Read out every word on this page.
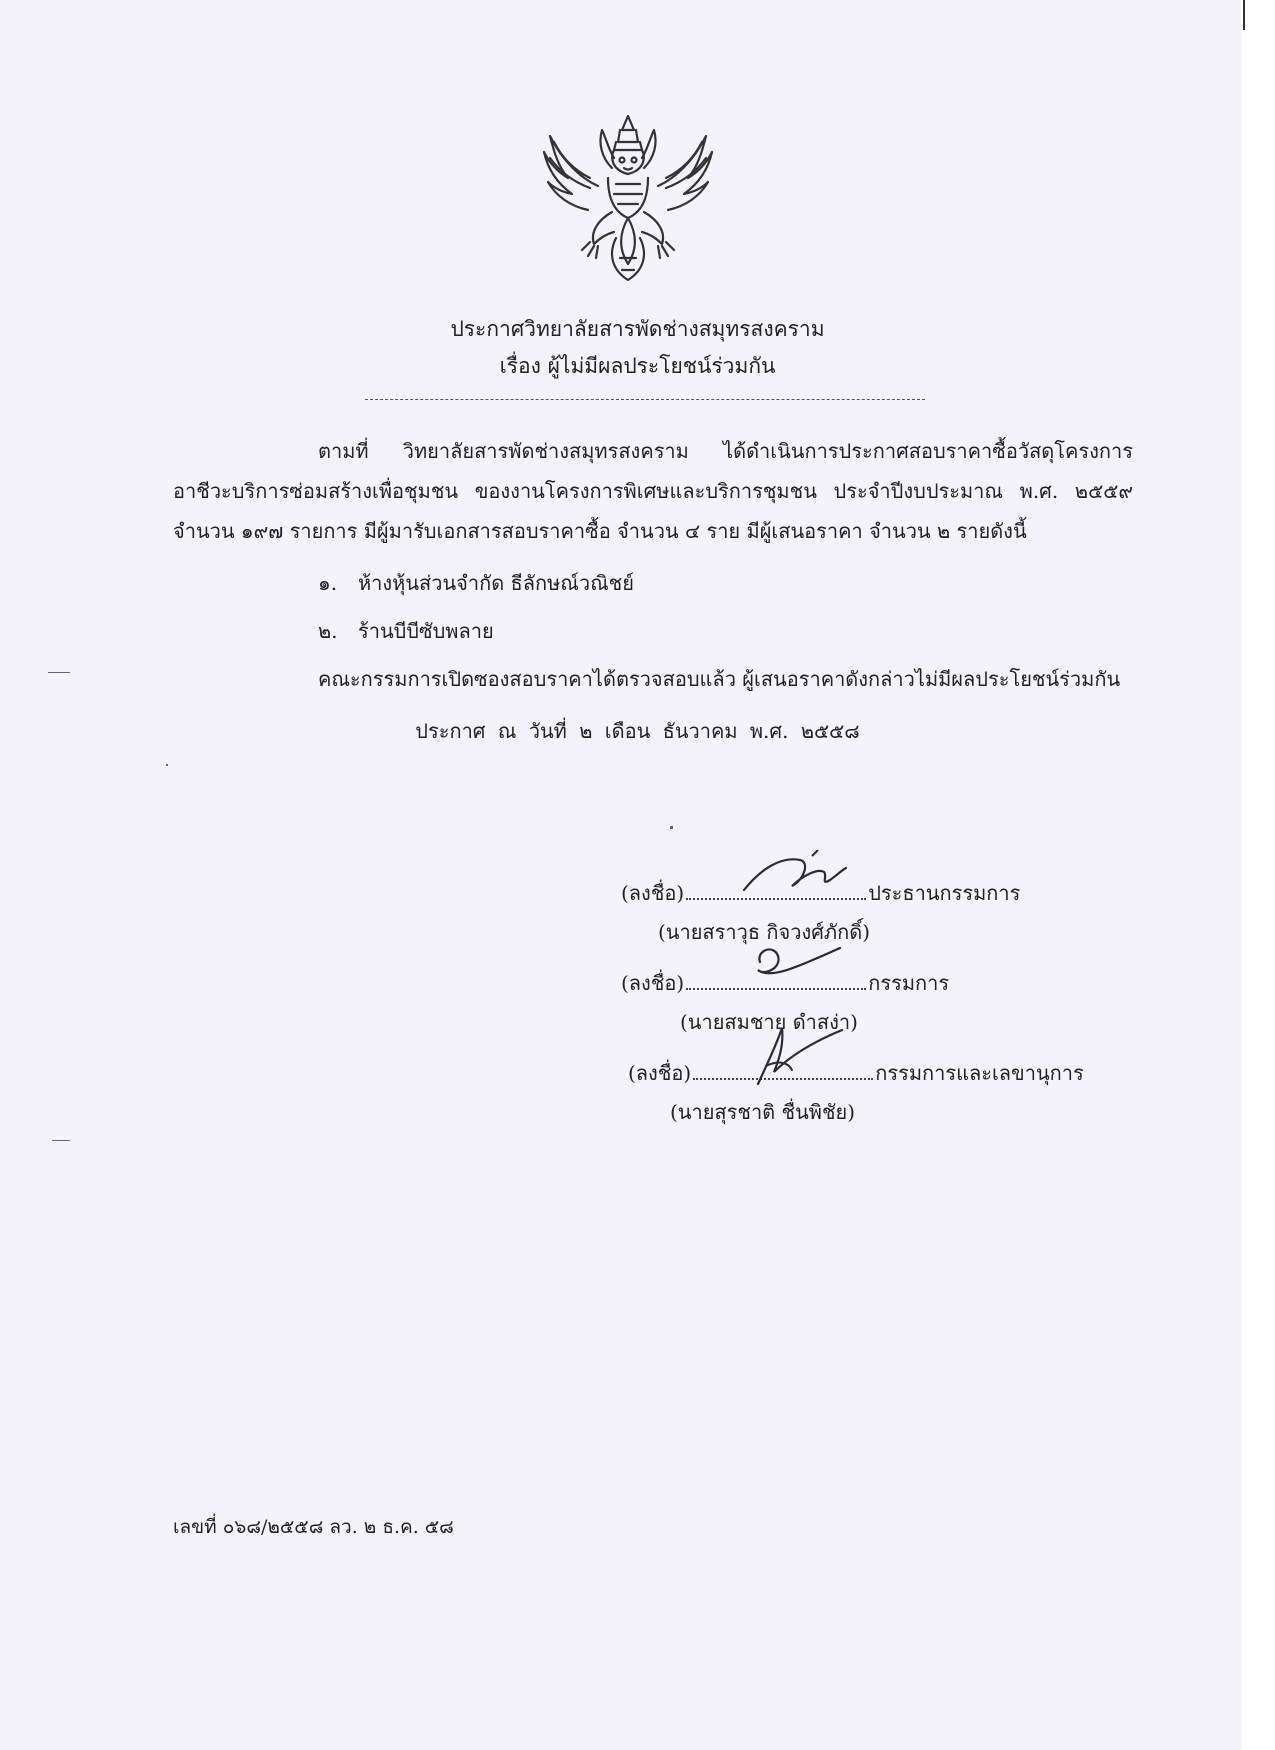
ประกาศวิทยาลัยสารพัดช่างสมุทรสงคราม
เรื่อง ผู้ไม่มีผลประโยชน์ร่วมกัน
ตามที่ วิทยาลัยสารพัดช่างสมุทรสงคราม ได้ดำเนินการประกาศสอบราคาซื้อวัสดุโครงการ
อาชีวะบริการซ่อมสร้างเพื่อชุมชน ของงานโครงการพิเศษและบริการชุมชน ประจำปีงบประมาณ พ.ศ. ๒๕๕๙
จำนวน ๑๙๗ รายการ มีผู้มารับเอกสารสอบราคาซื้อ จำนวน ๔ ราย มีผู้เสนอราคา จำนวน ๒ รายดังนี้
๑. ห้างหุ้นส่วนจำกัด ธีลักษณ์วณิชย์
๒. ร้านบีบีซับพลาย
คณะกรรมการเปิดซองสอบราคาได้ตรวจสอบแล้ว ผู้เสนอราคาดังกล่าวไม่มีผลประโยชน์ร่วมกัน
ประกาศ ณ วันที่ ๒ เดือน ธันวาคม พ.ศ. ๒๕๕๘
(ลงชื่อ)	ประธานกรรมการ
(นายสราวุธ กิจวงศ์ภักดิ์)
(ลงชื่อ)	กรรมการ
(นายสมชาย ดำสง่า)
(ลงชื่อ)	กรรมการและเลขานุการ
(นายสุรชาติ ชื่นพิชัย)
เลขที่ ๐๖๘/๒๕๕๘ ลว. ๒ ธ.ค. ๕๘
